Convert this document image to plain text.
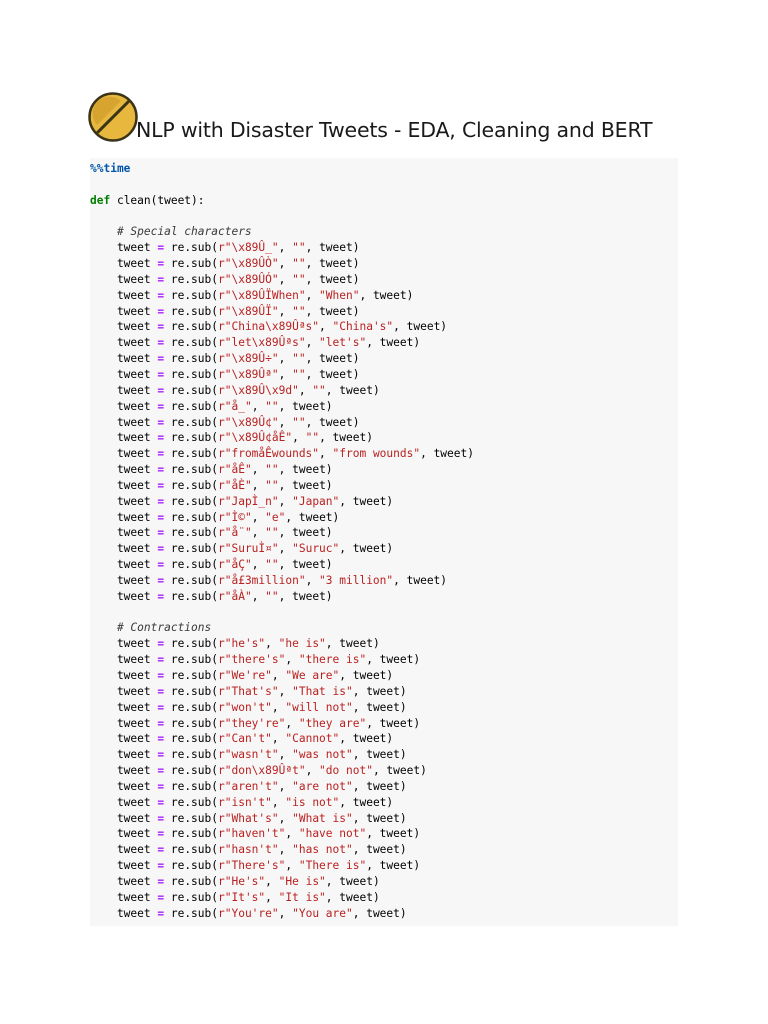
NLP with Disaster Tweets - EDA, Cleaning and BERT
%%time

def clean(tweet):

# Special characters
tweet = re.sub(r"\x89Û_", "", tweet)
tweet = re.sub(r"\x89ÛÒ", "", tweet)
tweet = re.sub(r"\x89ÛÓ", "", tweet)
tweet = re.sub(r"\x89ÛÏWhen", "When", tweet)
tweet = re.sub(r"\x89ÛÏ", "", tweet)
tweet = re.sub(r"China\x89Ûªs", "China's", tweet)
tweet = re.sub(r"let\x89Ûªs", "let's", tweet)
tweet = re.sub(r"\x89Û÷", "", tweet)
tweet = re.sub(r"\x89Ûª", "", tweet)
tweet = re.sub(r"\x89Û\x9d", "", tweet)
tweet = re.sub(r"å_", "", tweet)
tweet = re.sub(r"\x89Û¢", "", tweet)
tweet = re.sub(r"\x89Û¢åÊ", "", tweet)
tweet = re.sub(r"fromåÊwounds", "from wounds", tweet)
tweet = re.sub(r"åÊ", "", tweet)
tweet = re.sub(r"åÈ", "", tweet)
tweet = re.sub(r"JapÌ_n", "Japan", tweet)
tweet = re.sub(r"Ì©", "e", tweet)
tweet = re.sub(r"å¨", "", tweet)
tweet = re.sub(r"SuruÌ¤", "Suruc", tweet)
tweet = re.sub(r"åÇ", "", tweet)
tweet = re.sub(r"å£3million", "3 million", tweet)
tweet = re.sub(r"åÀ", "", tweet)

# Contractions
tweet = re.sub(r"he's", "he is", tweet)
tweet = re.sub(r"there's", "there is", tweet)
tweet = re.sub(r"We're", "We are", tweet)
tweet = re.sub(r"That's", "That is", tweet)
tweet = re.sub(r"won't", "will not", tweet)
tweet = re.sub(r"they're", "they are", tweet)
tweet = re.sub(r"Can't", "Cannot", tweet)
tweet = re.sub(r"wasn't", "was not", tweet)
tweet = re.sub(r"don\x89Ûªt", "do not", tweet)
tweet = re.sub(r"aren't", "are not", tweet)
tweet = re.sub(r"isn't", "is not", tweet)
tweet = re.sub(r"What's", "What is", tweet)
tweet = re.sub(r"haven't", "have not", tweet)
tweet = re.sub(r"hasn't", "has not", tweet)
tweet = re.sub(r"There's", "There is", tweet)
tweet = re.sub(r"He's", "He is", tweet)
tweet = re.sub(r"It's", "It is", tweet)
tweet = re.sub(r"You're", "You are", tweet)
